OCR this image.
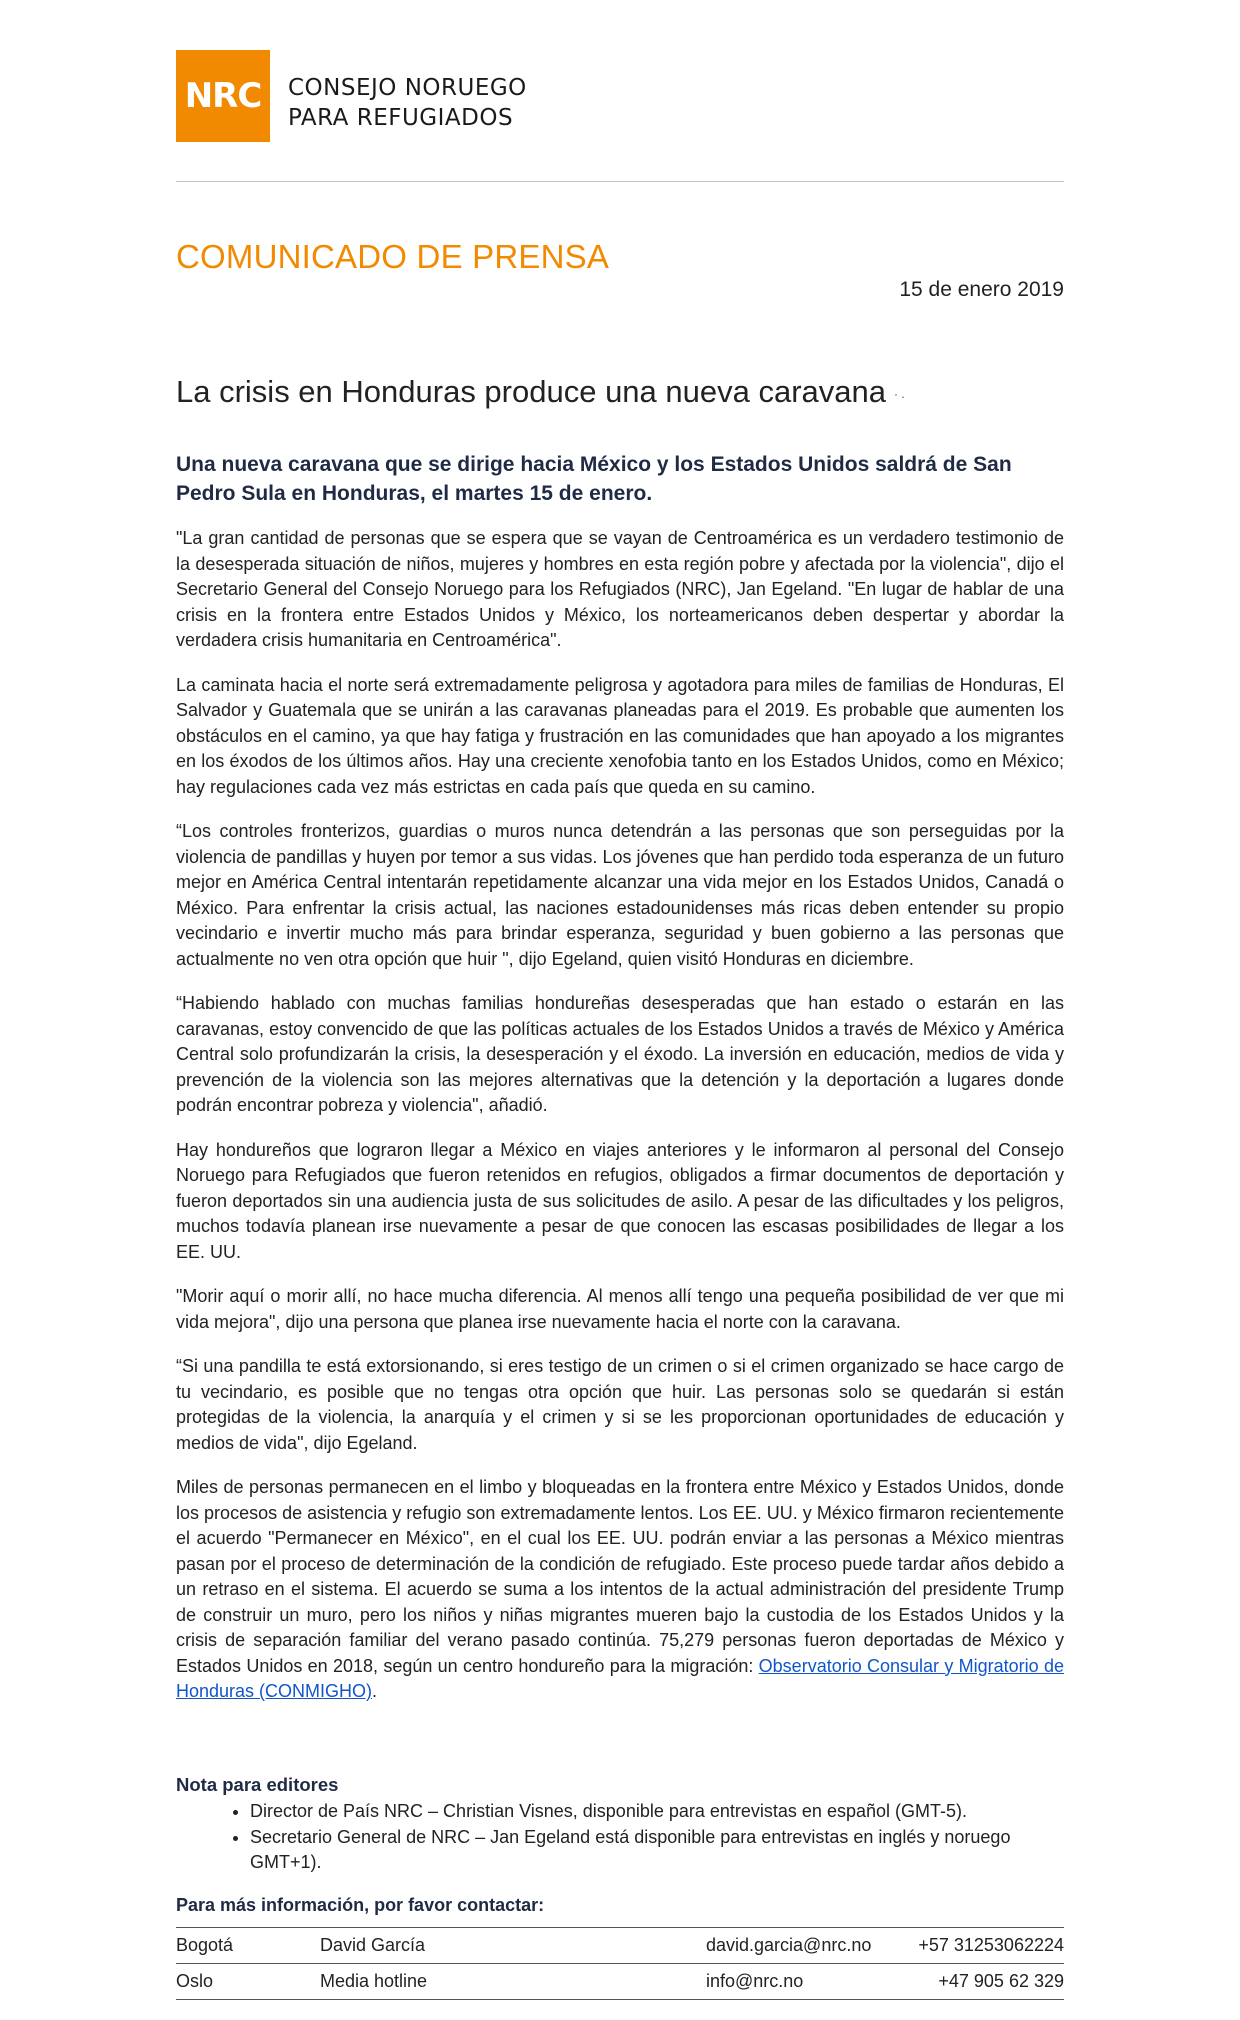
NRC	CONSEJO NORUEGO
PARA REFUGIADOS
COMUNICADO DE PRENSA
15 de enero 2019
La crisis en Honduras produce una nueva caravana · .
Una nueva caravana que se dirige hacia México y los Estados Unidos saldrá de San Pedro Sula en Honduras, el martes 15 de enero.

"La gran cantidad de personas que se espera que se vayan de Centroamérica es un verdadero testimonio de la desesperada situación de niños, mujeres y hombres en esta región pobre y afectada por la violencia", dijo el Secretario General del Consejo Noruego para los Refugiados (NRC), Jan Egeland. "En lugar de hablar de una crisis en la frontera entre Estados Unidos y México, los norteamericanos deben despertar y abordar la verdadera crisis humanitaria en Centroamérica".

La caminata hacia el norte será extremadamente peligrosa y agotadora para miles de familias de Honduras, El Salvador y Guatemala que se unirán a las caravanas planeadas para el 2019. Es probable que aumenten los obstáculos en el camino, ya que hay fatiga y frustración en las comunidades que han apoyado a los migrantes en los éxodos de los últimos años. Hay una creciente xenofobia tanto en los Estados Unidos, como en México; hay regulaciones cada vez más estrictas en cada país que queda en su camino.

“Los controles fronterizos, guardias o muros nunca detendrán a las personas que son perseguidas por la violencia de pandillas y huyen por temor a sus vidas. Los jóvenes que han perdido toda esperanza de un futuro mejor en América Central intentarán repetidamente alcanzar una vida mejor en los Estados Unidos, Canadá o México. Para enfrentar la crisis actual, las naciones estadounidenses más ricas deben entender su propio vecindario e invertir mucho más para brindar esperanza, seguridad y buen gobierno a las personas que actualmente no ven otra opción que huir ", dijo Egeland, quien visitó Honduras en diciembre.

“Habiendo hablado con muchas familias hondureñas desesperadas que han estado o estarán en las caravanas, estoy convencido de que las políticas actuales de los Estados Unidos a través de México y América Central solo profundizarán la crisis, la desesperación y el éxodo. La inversión en educación, medios de vida y prevención de la violencia son las mejores alternativas que la detención y la deportación a lugares donde podrán encontrar pobreza y violencia", añadió.

Hay hondureños que lograron llegar a México en viajes anteriores y le informaron al personal del Consejo Noruego para Refugiados que fueron retenidos en refugios, obligados a firmar documentos de deportación y fueron deportados sin una audiencia justa de sus solicitudes de asilo. A pesar de las dificultades y los peligros, muchos todavía planean irse nuevamente a pesar de que conocen las escasas posibilidades de llegar a los EE. UU.

"Morir aquí o morir allí, no hace mucha diferencia. Al menos allí tengo una pequeña posibilidad de ver que mi vida mejora", dijo una persona que planea irse nuevamente hacia el norte con la caravana.

“Si una pandilla te está extorsionando, si eres testigo de un crimen o si el crimen organizado se hace cargo de tu vecindario, es posible que no tengas otra opción que huir. Las personas solo se quedarán si están protegidas de la violencia, la anarquía y el crimen y si se les proporcionan oportunidades de educación y medios de vida", dijo Egeland.

Miles de personas permanecen en el limbo y bloqueadas en la frontera entre México y Estados Unidos, donde los procesos de asistencia y refugio son extremadamente lentos. Los EE. UU. y México firmaron recientemente el acuerdo "Permanecer en México", en el cual los EE. UU. podrán enviar a las personas a México mientras pasan por el proceso de determinación de la condición de refugiado. Este proceso puede tardar años debido a un retraso en el sistema. El acuerdo se suma a los intentos de la actual administración del presidente Trump de construir un muro, pero los niños y niñas migrantes mueren bajo la custodia de los Estados Unidos y la crisis de separación familiar del verano pasado continúa. 75,279 personas fueron deportadas de México y Estados Unidos en 2018, según un centro hondureño para la migración: Observatorio Consular y Migratorio de Honduras (CONMIGHO).

Nota para editores
• Director de País NRC – Christian Visnes, disponible para entrevistas en español (GMT-5).
• Secretario General de NRC – Jan Egeland está disponible para entrevistas en inglés y noruego GMT+1).
Para más información, por favor contactar:
Bogotá	David García	david.garcia@nrc.no	+57 31253062224
Oslo	Media hotline	info@nrc.no	+47 905 62 329
